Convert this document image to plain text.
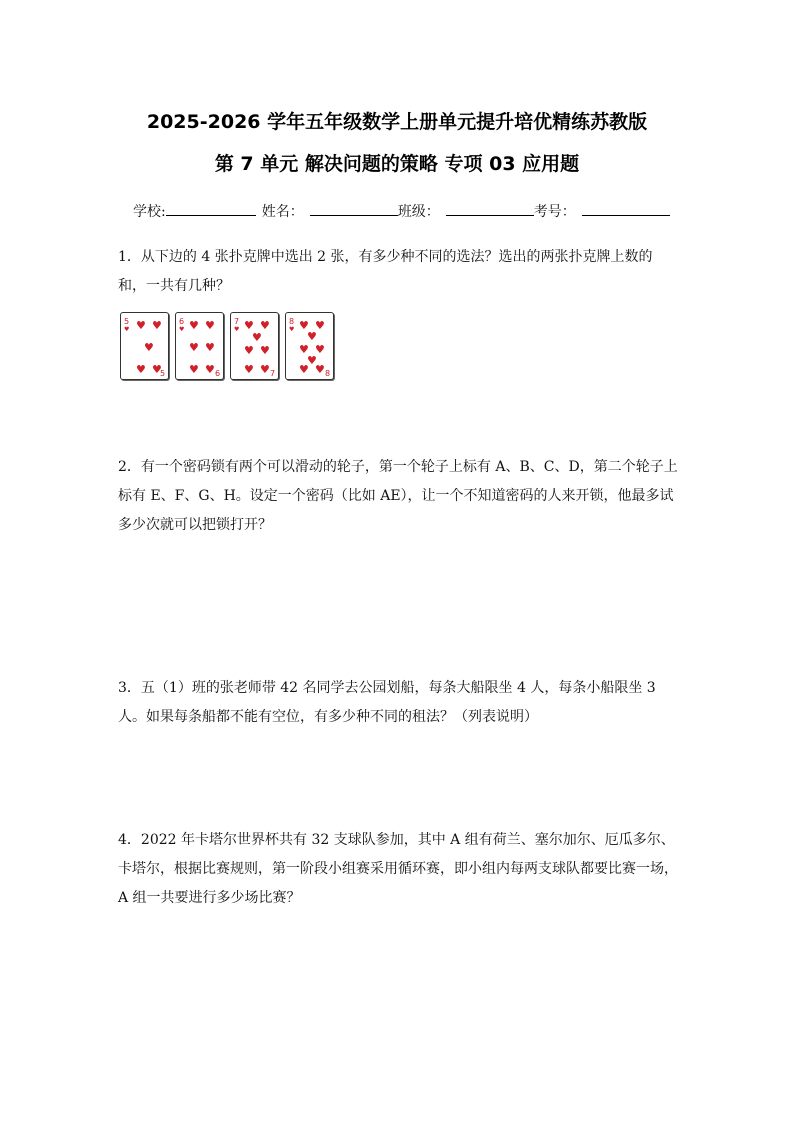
2025-2026 学年五年级数学上册单元提升培优精练苏教版
第 7 单元 解决问题的策略 专项 03 应用题
学校:	姓名：	班级：	考号：
1．从下边的 4 张扑克牌中选出 2 张，有多少种不同的选法？选出的两张扑克牌上数的和，一共有几种？
5
♥ ♥ ♥
♥
♥ ♥
5
6
♥ ♥ ♥
♥ ♥
♥ ♥ 6
7
♥ ♥ ♥
♥
♥ ♥
♥ ♥ 7
8
♥ ♥ ♥
♥
♥ ♥
♥
♥ ♥ 8
2．有一个密码锁有两个可以滑动的轮子，第一个轮子上标有 A、B、C、D，第二个轮子上标有 E、F、G、H。设定一个密码（比如 AE），让一个不知道密码的人来开锁，他最多试多少次就可以把锁打开？
3．五（1）班的张老师带 42 名同学去公园划船，每条大船限坐 4 人，每条小船限坐 3 人。如果每条船都不能有空位，有多少种不同的租法？（列表说明）
4．2022 年卡塔尔世界杯共有 32 支球队参加，其中 A 组有荷兰、塞尔加尔、厄瓜多尔、卡塔尔，根据比赛规则，第一阶段小组赛采用循环赛，即小组内每两支球队都要比赛一场，A 组一共要进行多少场比赛？
